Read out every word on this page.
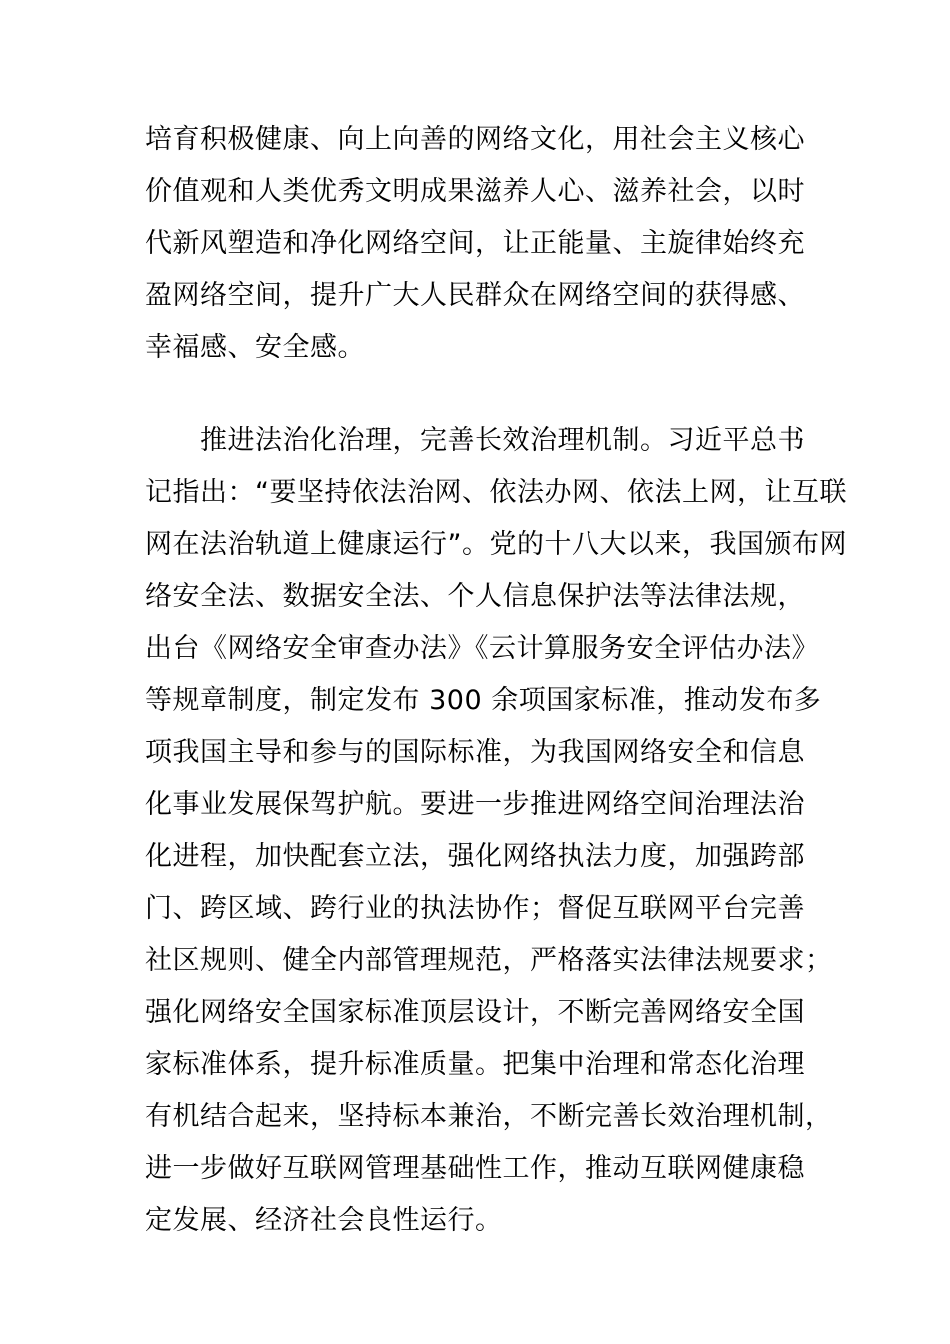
培育积极健康、向上向善的网络文化，用社会主义核心
价值观和人类优秀文明成果滋养人心、滋养社会，以时
代新风塑造和净化网络空间，让正能量、主旋律始终充
盈网络空间，提升广大人民群众在网络空间的获得感、
幸福感、安全感。
推进法治化治理，完善长效治理机制。习近平总书
记指出：“要坚持依法治网、依法办网、依法上网，让互联
网在法治轨道上健康运行”。党的十八大以来，我国颁布网
络安全法、数据安全法、个人信息保护法等法律法规，
出台《网络安全审查办法》《云计算服务安全评估办法》
等规章制度，制定发布 300 余项国家标准，推动发布多
项我国主导和参与的国际标准，为我国网络安全和信息
化事业发展保驾护航。要进一步推进网络空间治理法治
化进程，加快配套立法，强化网络执法力度，加强跨部
门、跨区域、跨行业的执法协作；督促互联网平台完善
社区规则、健全内部管理规范，严格落实法律法规要求；
强化网络安全国家标准顶层设计，不断完善网络安全国
家标准体系，提升标准质量。把集中治理和常态化治理
有机结合起来，坚持标本兼治，不断完善长效治理机制，
进一步做好互联网管理基础性工作，推动互联网健康稳
定发展、经济社会良性运行。
